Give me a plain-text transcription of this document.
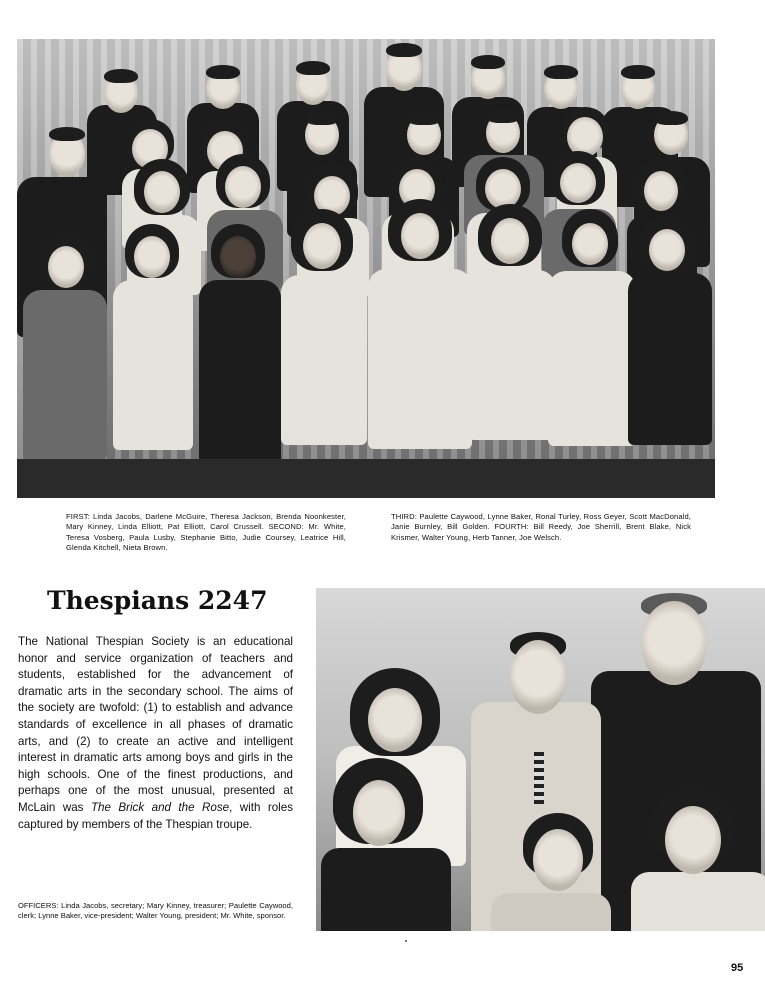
FIRST: Linda Jacobs, Darlene McGuire, Theresa Jackson, Brenda Noonkester, Mary Kinney, Linda Elliott, Pat Elliott, Carol Crussell. SECOND: Mr. White, Teresa Vosberg, Paula Lusby, Stephanie Bitto, Judie Coursey, Leatrice Hill, Glenda Kitchell, Nieta Brown.
THIRD: Paulette Caywood, Lynne Baker, Ronal Turley, Ross Geyer, Scott MacDonald, Janie Burnley, Bill Golden. FOURTH: Bill Reedy, Joe Sherrill, Brent Blake, Nick Krismer, Walter Young, Herb Tanner, Joe Welsch.
Thespians 2247

The National Thespian Society is an educational honor and service organization of teachers and students, established for the advancement of dramatic arts in the secondary school. The aims of the society are twofold: (1) to establish and advance standards of excellence in all phases of dramatic arts, and (2) to create an active and intelligent interest in dramatic arts among boys and girls in the high schools. One of the finest productions, and perhaps one of the most unusual, presented at McLain was The Brick and the Rose, with roles captured by members of the Thespian troupe.

OFFICERS: Linda Jacobs, secretary; Mary Kinney, treasurer; Paulette Caywood, clerk; Lynne Baker, vice-president; Walter Young, president; Mr. White, sponsor.

95
